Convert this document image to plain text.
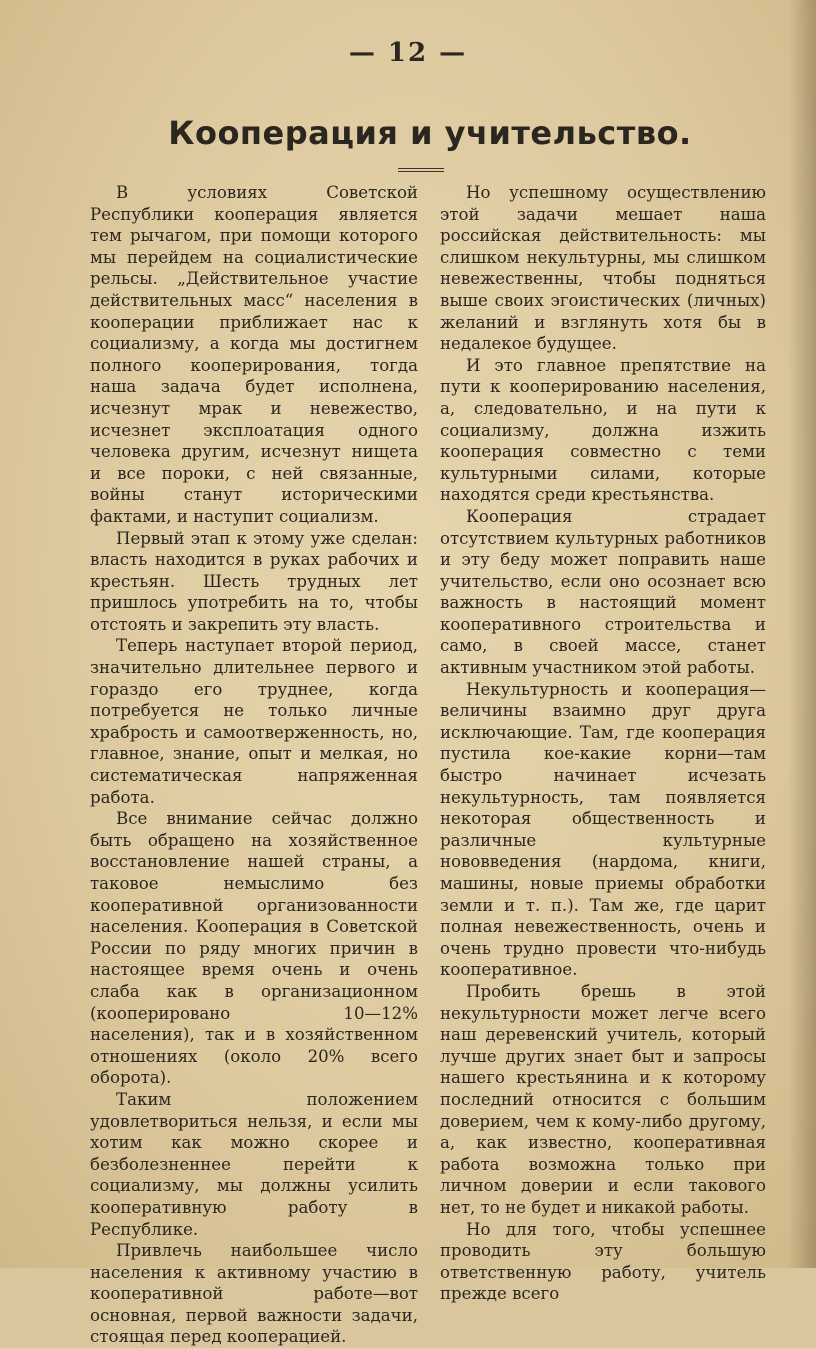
— 12 —
Кооперация и учительство.

В условиях Советской Республики кооперация является тем рычагом, при помощи которого мы перейдем на социалистические рельсы. „Действительное участие действительных масс“ населения в кооперации приближает нас к социализму, а когда мы достигнем полного кооперирования, тогда наша задача будет исполнена, исчезнут мрак и невежество, исчезнет эксплоатация одного человека другим, исчезнут нищета и все пороки, с ней связанные, войны станут историческими фактами, и наступит социализм.

Первый этап к этому уже сделан: власть находится в руках рабочих и крестьян. Шесть трудных лет пришлось употребить на то, чтобы отстоять и закрепить эту власть.

Теперь наступает второй период, значительно длительнее первого и гораздо его труднее, когда потребуется не только личные храбрость и самоотверженность, но, главное, знание, опыт и мелкая, но систематическая напряженная работа.

Все внимание сейчас должно быть обращено на хозяйственное восстановление нашей страны, а таковое немыслимо без кооперативной организованности населения. Кооперация в Советской России по ряду многих причин в настоящее время очень и очень слаба как в организационном (кооперировано 10—12% населения), так и в хозяйственном отношениях (около 20% всего оборота).

Таким положением удовлетвориться нельзя, и если мы хотим как можно скорее и безболезненнее перейти к социализму, мы должны усилить кооперативную работу в Республике.

Привлечь наибольшее число населения к активному участию в кооперативной работе—вот основная, первой важности задачи, стоящая перед кооперацией.

Но успешному осуществлению этой задачи мешает наша российская действительность: мы слишком некультурны, мы слишком невежественны, чтобы подняться выше своих эгоистических (личных) желаний и взглянуть хотя бы в недалекое будущее.

И это главное препятствие на пути к кооперированию населения, а, следовательно, и на пути к социализму, должна изжить кооперация совместно с теми культурными силами, которые находятся среди крестьянства.

Кооперация страдает отсутствием культурных работников и эту беду может поправить наше учительство, если оно осознает всю важность в настоящий момент кооперативного строительства и само, в своей массе, станет активным участником этой работы.

Некультурность и кооперация—величины взаимно друг друга исключающие. Там, где кооперация пустила кое-какие корни—там быстро начинает исчезать некультурность, там появляется некоторая общественность и различные культурные нововведения (нардома, книги, машины, новые приемы обработки земли и т. п.). Там же, где царит полная невежественность, очень и очень трудно провести что-нибудь кооперативное.

Пробить брешь в этой некультурности может легче всего наш деревенский учитель, который лучше других знает быт и запросы нашего крестьянина и к которому последний относится с большим доверием, чем к кому-либо другому, а, как известно, кооперативная работа возможна только при личном доверии и если такового нет, то не будет и никакой работы.

Но для того, чтобы успешнее проводить эту большую ответственную работу, учитель прежде всего
